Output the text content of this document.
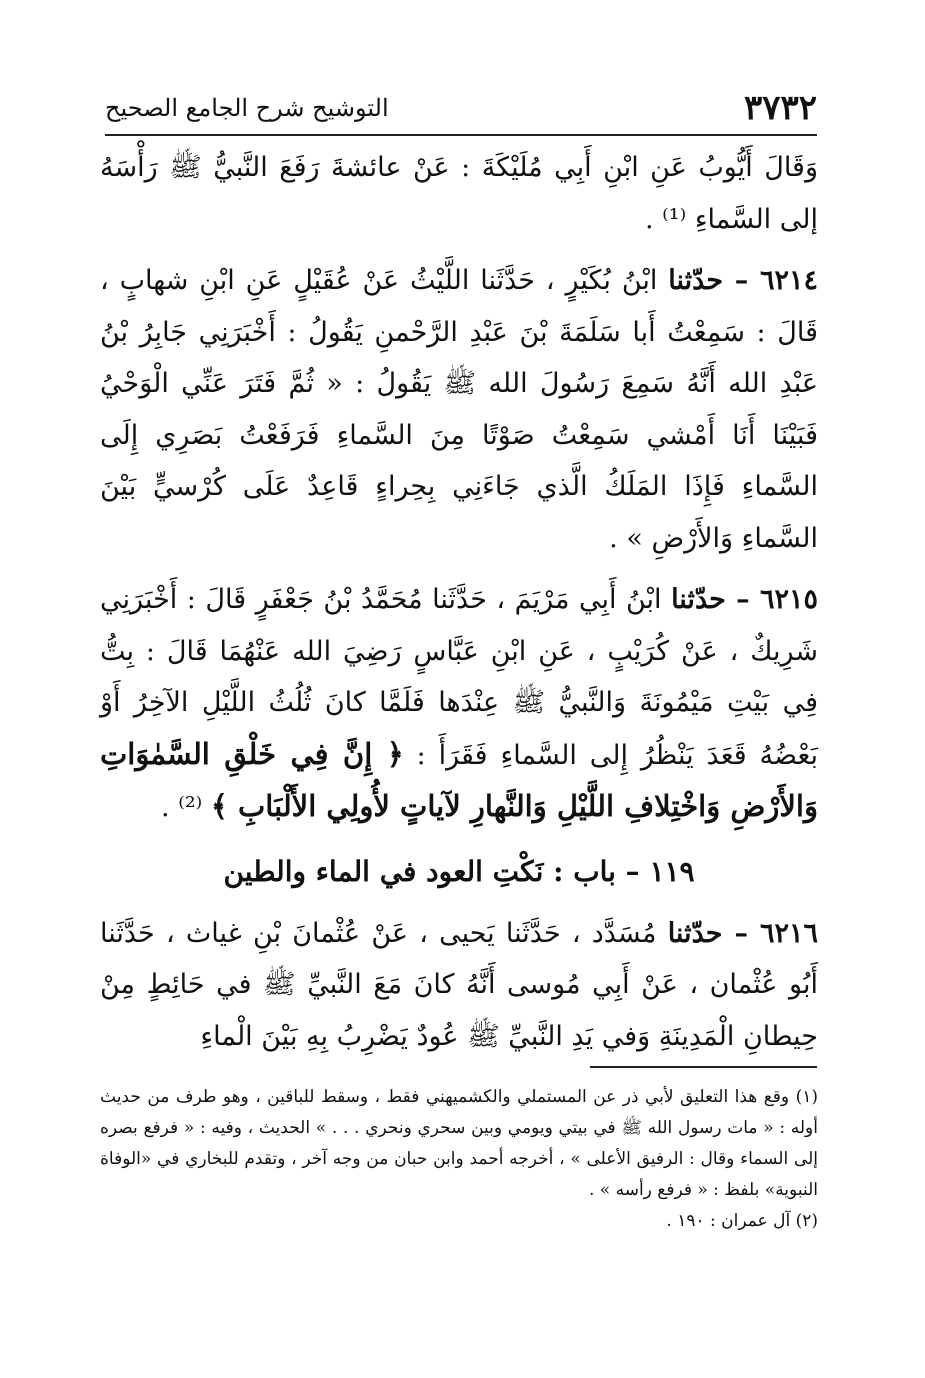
٣٧٣٢
التوشيح شرح الجامع الصحيح

وَقَالَ أَيُّوبُ عَنِ ابْنِ أَبِي مُلَيْكَةَ : عَنْ عائشةَ رَفَعَ النَّبيُّ ﷺ رَأْسَهُ إلى السَّماءِ ⁽¹⁾ .

٦٢١٤ – حدّثنا ابْنُ بُكَيْرٍ ، حَدَّثَنا اللَّيْثُ عَنْ عُقَيْلٍ عَنِ ابْنِ شهابٍ ، قَالَ : سَمِعْتُ أَبا سَلَمَةَ بْنَ عَبْدِ الرَّحْمنِ يَقُولُ : أَخْبَرَنِي جَابِرُ بْنُ عَبْدِ الله أَنَّهُ سَمِعَ رَسُولَ الله ﷺ يَقُولُ : « ثُمَّ فَتَرَ عَنِّي الْوَحْيُ فَبَيْنَا أَنَا أَمْشي سَمِعْتُ صَوْتًا مِنَ السَّماءِ فَرَفَعْتُ بَصَرِي إِلَى السَّماءِ فَإِذَا المَلَكُ الَّذي جَاءَنِي بِحِراءٍ قَاعِدٌ عَلَى كُرْسيٍّ بَيْنَ السَّماءِ وَالأَرْضِ » .

٦٢١٥ – حدّثنا ابْنُ أَبِي مَرْيَمَ ، حَدَّثَنا مُحَمَّدُ بْنُ جَعْفَرٍ قَالَ : أَخْبَرَنِي شَرِيكٌ ، عَنْ كُرَيْبٍ ، عَنِ ابْنِ عَبَّاسٍ رَضِيَ الله عَنْهُمَا قَالَ : بِتُّ فِي بَيْتِ مَيْمُونَةَ وَالنَّبيُّ ﷺ عِنْدَها فَلَمَّا كانَ ثُلُثُ اللَّيْلِ الآخِرُ أَوْ بَعْضُهُ قَعَدَ يَنْظُرُ إِلى السَّماءِ فَقَرَأَ : ﴿ إِنَّ فِي خَلْقِ السَّمٰوَاتِ وَالأَرْضِ وَاخْتِلافِ اللَّيْلِ وَالنَّهارِ لآياتٍ لأُولِي الأَلْبَابِ ﴾ ⁽²⁾ .

١١٩ – باب : نَكْتِ العود في الماء والطين

٦٢١٦ – حدّثنا مُسَدَّد ، حَدَّثَنا يَحيى ، عَنْ عُثْمانَ بْنِ غياث ، حَدَّثَنا أَبُو عُثْمان ، عَنْ أَبِي مُوسى أَنَّهُ كانَ مَعَ النَّبيِّ ﷺ في حَائِطٍ مِنْ حِيطانِ الْمَدِينَةِ وَفي يَدِ النَّبيِّ ﷺ عُودٌ يَضْرِبُ بِهِ بَيْنَ الْماءِ

(١) وقع هذا التعليق لأبي ذر عن المستملي والكشميهني فقط ، وسقط للباقين ، وهو طرف من حديث أوله : « مات رسول الله ﷺ في بيتي ويومي وبين سحري ونحري . . . » الحديث ، وفيه : « فرفع بصره إلى السماء وقال : الرفيق الأعلى » ، أخرجه أحمد وابن حبان من وجه آخر ، وتقدم للبخاري في «الوفاة النبوية» بلفظ : « فرفع رأسه » .

(٢) آل عمران : ١٩٠ .
